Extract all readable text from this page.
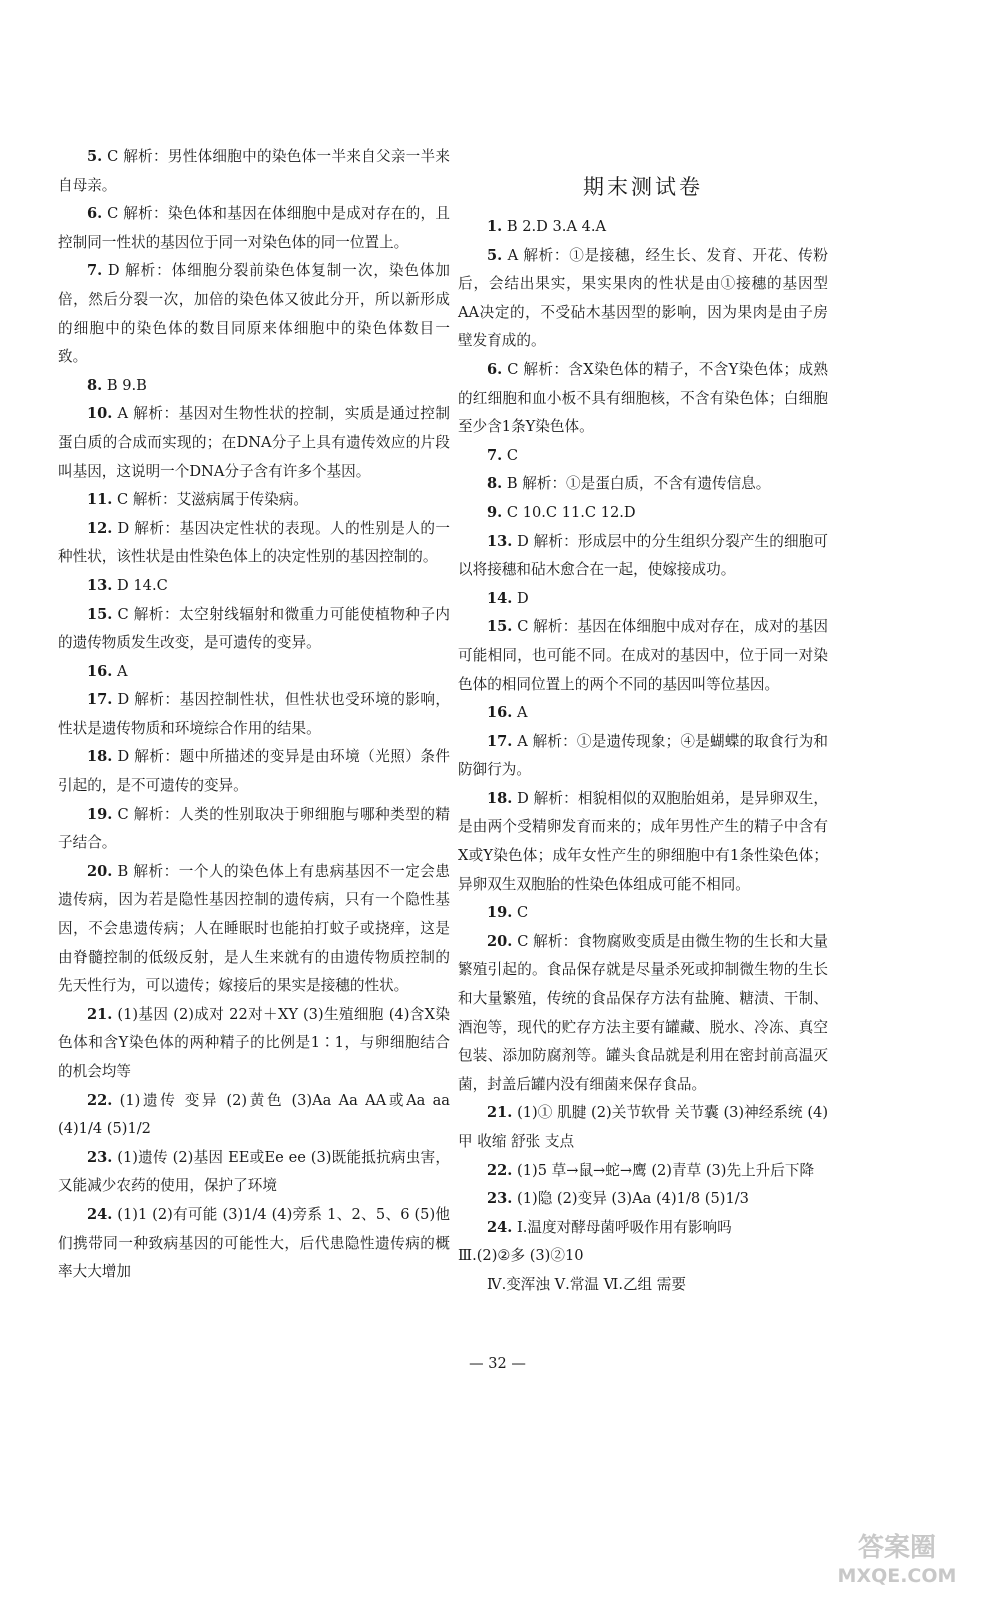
5. C 解析：男性体细胞中的染色体一半来自父亲一半来自母亲。

6. C 解析：染色体和基因在体细胞中是成对存在的，且控制同一性状的基因位于同一对染色体的同一位置上。

7. D 解析：体细胞分裂前染色体复制一次，染色体加倍，然后分裂一次，加倍的染色体又彼此分开，所以新形成的细胞中的染色体的数目同原来体细胞中的染色体数目一致。

8. B 9.B

10. A 解析：基因对生物性状的控制，实质是通过控制蛋白质的合成而实现的；在DNA分子上具有遗传效应的片段叫基因，这说明一个DNA分子含有许多个基因。

11. C 解析：艾滋病属于传染病。

12. D 解析：基因决定性状的表现。人的性别是人的一种性状，该性状是由性染色体上的决定性别的基因控制的。

13. D 14.C

15. C 解析：太空射线辐射和微重力可能使植物种子内的遗传物质发生改变，是可遗传的变异。

16. A

17. D 解析：基因控制性状，但性状也受环境的影响，性状是遗传物质和环境综合作用的结果。

18. D 解析：题中所描述的变异是由环境（光照）条件引起的，是不可遗传的变异。

19. C 解析：人类的性别取决于卵细胞与哪种类型的精子结合。

20. B 解析：一个人的染色体上有患病基因不一定会患遗传病，因为若是隐性基因控制的遗传病，只有一个隐性基因，不会患遗传病；人在睡眠时也能拍打蚊子或挠痒，这是由脊髓控制的低级反射，是人生来就有的由遗传物质控制的先天性行为，可以遗传；嫁接后的果实是接穗的性状。

21. (1)基因 (2)成对 22对＋XY (3)生殖细胞 (4)含X染色体和含Y染色体的两种精子的比例是1∶1，与卵细胞结合的机会均等

22. (1)遗传 变异 (2)黄色 (3)Aa Aa AA或Aa aa (4)1/4 (5)1/2

23. (1)遗传 (2)基因 EE或Ee ee (3)既能抵抗病虫害，又能减少农药的使用，保护了环境

24. (1)1 (2)有可能 (3)1/4 (4)旁系 1、2、5、6 (5)他们携带同一种致病基因的可能性大，后代患隐性遗传病的概率大大增加

期末测试卷

1. B 2.D 3.A 4.A

5. A 解析：①是接穗，经生长、发育、开花、传粉后，会结出果实，果实果肉的性状是由①接穗的基因型AA决定的，不受砧木基因型的影响，因为果肉是由子房壁发育成的。

6. C 解析：含X染色体的精子，不含Y染色体；成熟的红细胞和血小板不具有细胞核，不含有染色体；白细胞至少含1条Y染色体。

7. C

8. B 解析：①是蛋白质，不含有遗传信息。

9. C 10.C 11.C 12.D

13. D 解析：形成层中的分生组织分裂产生的细胞可以将接穗和砧木愈合在一起，使嫁接成功。

14. D

15. C 解析：基因在体细胞中成对存在，成对的基因可能相同，也可能不同。在成对的基因中，位于同一对染色体的相同位置上的两个不同的基因叫等位基因。

16. A

17. A 解析：①是遗传现象；④是蝴蝶的取食行为和防御行为。

18. D 解析：相貌相似的双胞胎姐弟，是异卵双生，是由两个受精卵发育而来的；成年男性产生的精子中含有X或Y染色体；成年女性产生的卵细胞中有1条性染色体；异卵双生双胞胎的性染色体组成可能不相同。

19. C

20. C 解析：食物腐败变质是由微生物的生长和大量繁殖引起的。食品保存就是尽量杀死或抑制微生物的生长和大量繁殖，传统的食品保存方法有盐腌、糖渍、干制、酒泡等，现代的贮存方法主要有罐藏、脱水、冷冻、真空包装、添加防腐剂等。罐头食品就是利用在密封前高温灭菌，封盖后罐内没有细菌来保存食品。

21. (1)① 肌腱 (2)关节软骨 关节囊 (3)神经系统 (4)甲 收缩 舒张 支点

22. (1)5 草→鼠→蛇→鹰 (2)青草 (3)先上升后下降

23. (1)隐 (2)变异 (3)Aa (4)1/8 (5)1/3

24. Ⅰ.温度对酵母菌呼吸作用有影响吗

Ⅲ.(2)②多 (3)②10

Ⅳ.变浑浊 Ⅴ.常温 Ⅵ.乙组 需要

— 32 —
答案圈
MXQE.COM
